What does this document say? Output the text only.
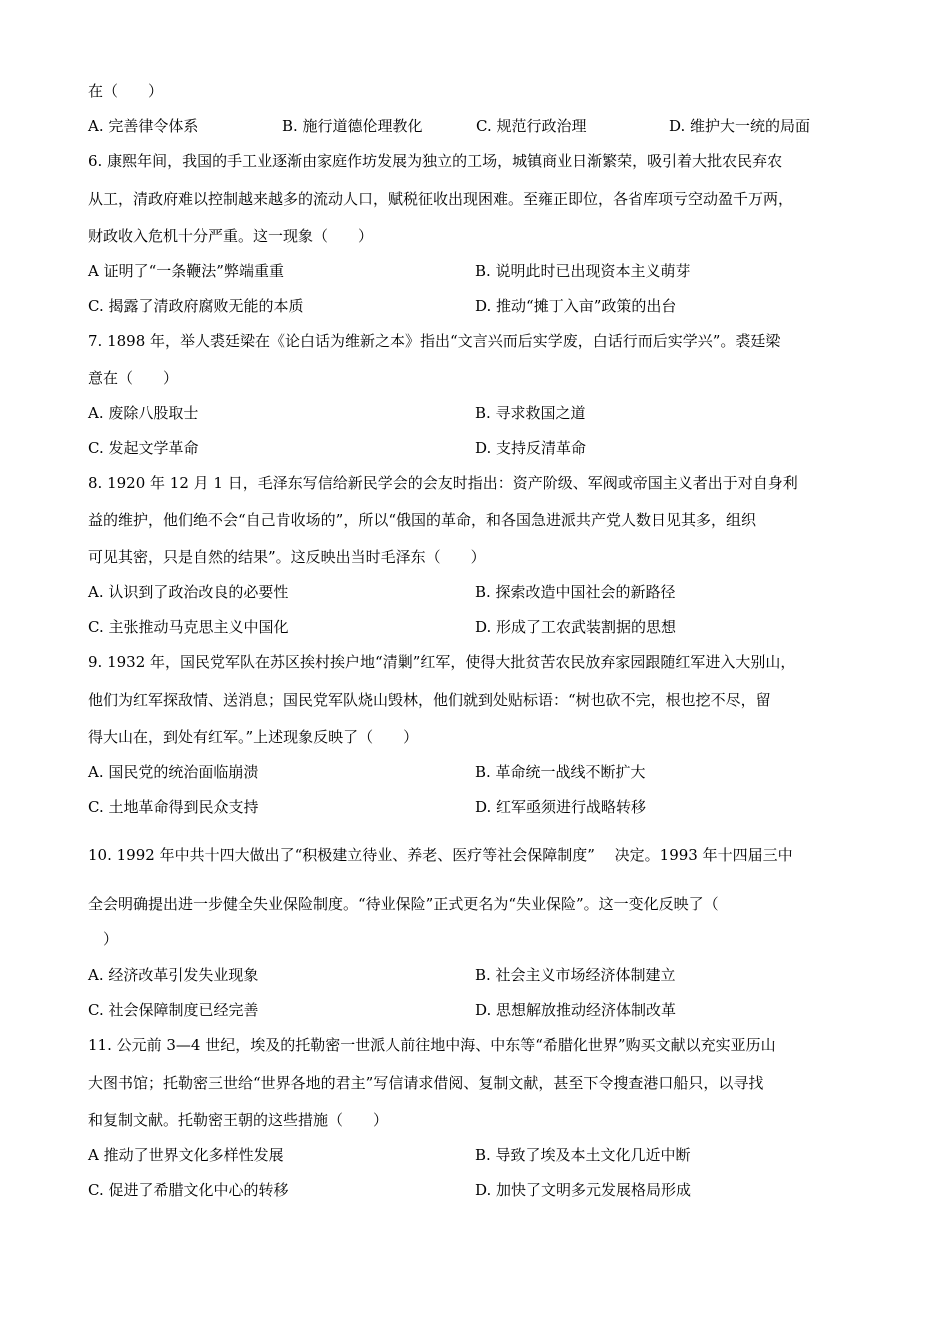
在（　　）
A. 完善律令体系	B. 施行道德伦理教化	C. 规范行政治理	D. 维护大一统的局面
6. 康熙年间，我国的手工业逐渐由家庭作坊发展为独立的工场，城镇商业日渐繁荣，吸引着大批农民弃农
从工，清政府难以控制越来越多的流动人口，赋税征收出现困难。至雍正即位，各省库项亏空动盈千万两，
财政收入危机十分严重。这一现象（　　）
A 证明了“一条鞭法”弊端重重	B. 说明此时已出现资本主义萌芽
C. 揭露了清政府腐败无能的本质	D. 推动“摊丁入亩”政策的出台
7. 1898 年，举人裘廷梁在《论白话为维新之本》指出“文言兴而后实学废，白话行而后实学兴”。裘廷梁
意在（　　）
A. 废除八股取士	B. 寻求救国之道
C. 发起文学革命	D. 支持反清革命
8. 1920 年 12 月 1 日，毛泽东写信给新民学会的会友时指出：资产阶级、军阀或帝国主义者出于对自身利
益的维护，他们绝不会“自己肯收场的”，所以“俄国的革命，和各国急进派共产党人数日见其多，组织
可见其密，只是自然的结果”。这反映出当时毛泽东（　　）
A. 认识到了政治改良的必要性	B. 探索改造中国社会的新路径
C. 主张推动马克思主义中国化	D. 形成了工农武装割据的思想
9. 1932 年，国民党军队在苏区挨村挨户地“清剿”红军，使得大批贫苦农民放弃家园跟随红军进入大别山，
他们为红军探敌情、送消息；国民党军队烧山毁林，他们就到处贴标语：“树也砍不完，根也挖不尽，留
得大山在，到处有红军。”上述现象反映了（　　）
A. 国民党的统治面临崩溃	B. 革命统一战线不断扩大
C. 土地革命得到民众支持	D. 红军亟须进行战略转移
10. 1992 年中共十四大做出了“积极建立待业、养老、医疗等社会保障制度”　 决定。1993 年十四届三中
全会明确提出进一步健全失业保险制度。“待业保险”正式更名为“失业保险”。这一变化反映了（
　）
A. 经济改革引发失业现象	B. 社会主义市场经济体制建立
C. 社会保障制度已经完善	D. 思想解放推动经济体制改革
11. 公元前 3—4 世纪，埃及的托勒密一世派人前往地中海、中东等“希腊化世界”购买文献以充实亚历山
大图书馆；托勒密三世给“世界各地的君主”写信请求借阅、复制文献，甚至下令搜查港口船只，以寻找
和复制文献。托勒密王朝的这些措施（　　）
A 推动了世界文化多样性发展	B. 导致了埃及本土文化几近中断
C. 促进了希腊文化中心的转移	D. 加快了文明多元发展格局形成
